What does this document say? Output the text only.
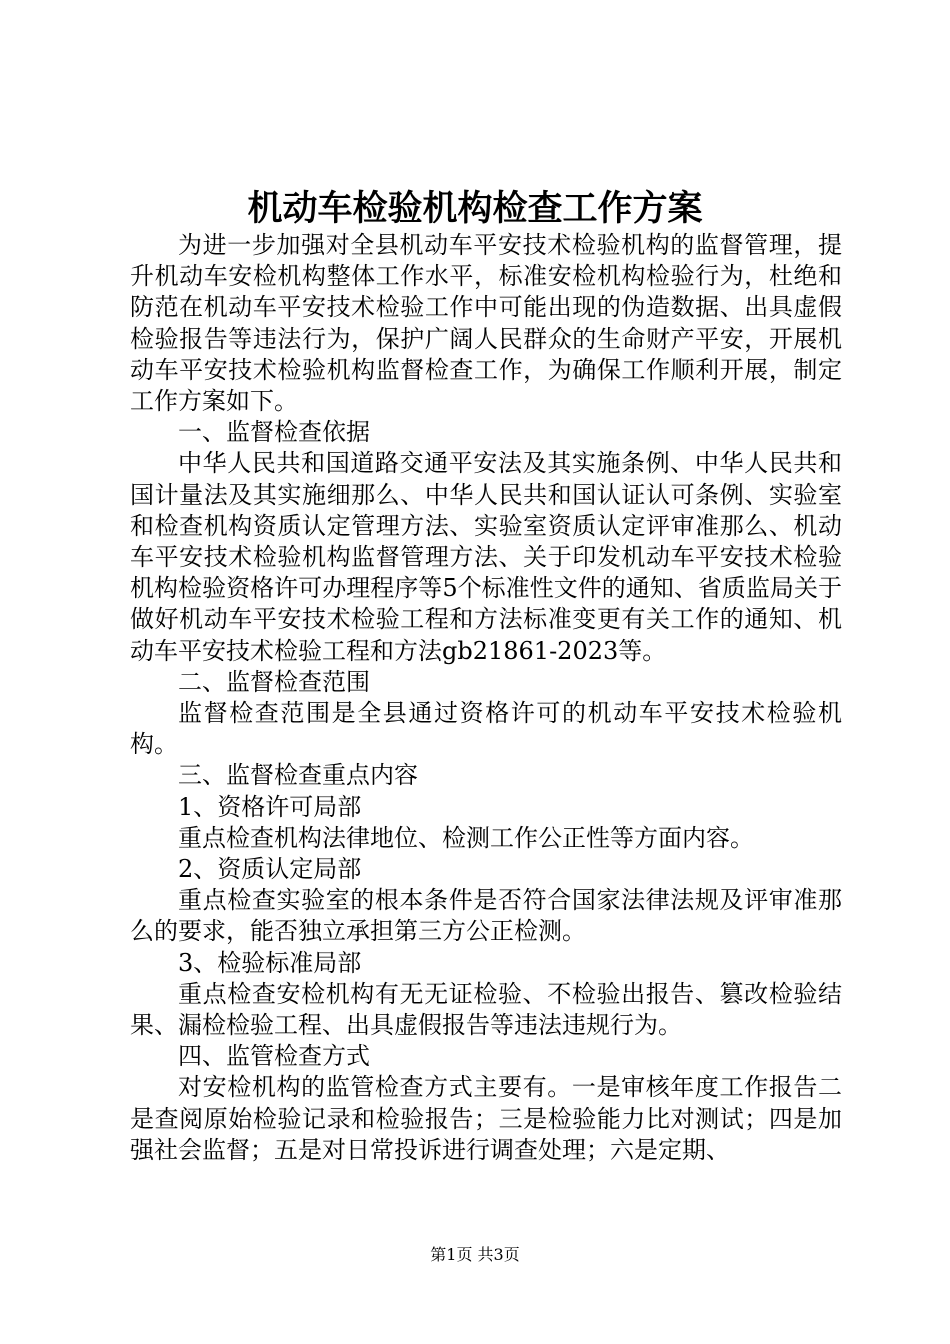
机动车检验机构检查工作方案

为进一步加强对全县机动车平安技术检验机构的监督管理，提升机动车安检机构整体工作水平，标准安检机构检验行为，杜绝和防范在机动车平安技术检验工作中可能出现的伪造数据、出具虚假检验报告等违法行为，保护广阔人民群众的生命财产平安，开展机动车平安技术检验机构监督检查工作，为确保工作顺利开展，制定工作方案如下。

一、监督检查依据

中华人民共和国道路交通平安法及其实施条例、中华人民共和国计量法及其实施细那么、中华人民共和国认证认可条例、实验室和检查机构资质认定管理方法、实验室资质认定评审准那么、机动车平安技术检验机构监督管理方法、关于印发机动车平安技术检验机构检验资格许可办理程序等5个标准性文件的通知、省质监局关于做好机动车平安技术检验工程和方法标准变更有关工作的通知、机动车平安技术检验工程和方法gb21861-2023等。

二、监督检查范围

监督检查范围是全县通过资格许可的机动车平安技术检验机构。

三、监督检查重点内容

1、资格许可局部

重点检查机构法律地位、检测工作公正性等方面内容。

2、资质认定局部

重点检查实验室的根本条件是否符合国家法律法规及评审准那么的要求，能否独立承担第三方公正检测。

3、检验标准局部

重点检查安检机构有无无证检验、不检验出报告、篡改检验结果、漏检检验工程、出具虚假报告等违法违规行为。

四、监管检查方式

对安检机构的监管检查方式主要有。一是审核年度工作报告二是查阅原始检验记录和检验报告；三是检验能力比对测试；四是加强社会监督；五是对日常投诉进行调查处理；六是定期、

第1页 共3页
